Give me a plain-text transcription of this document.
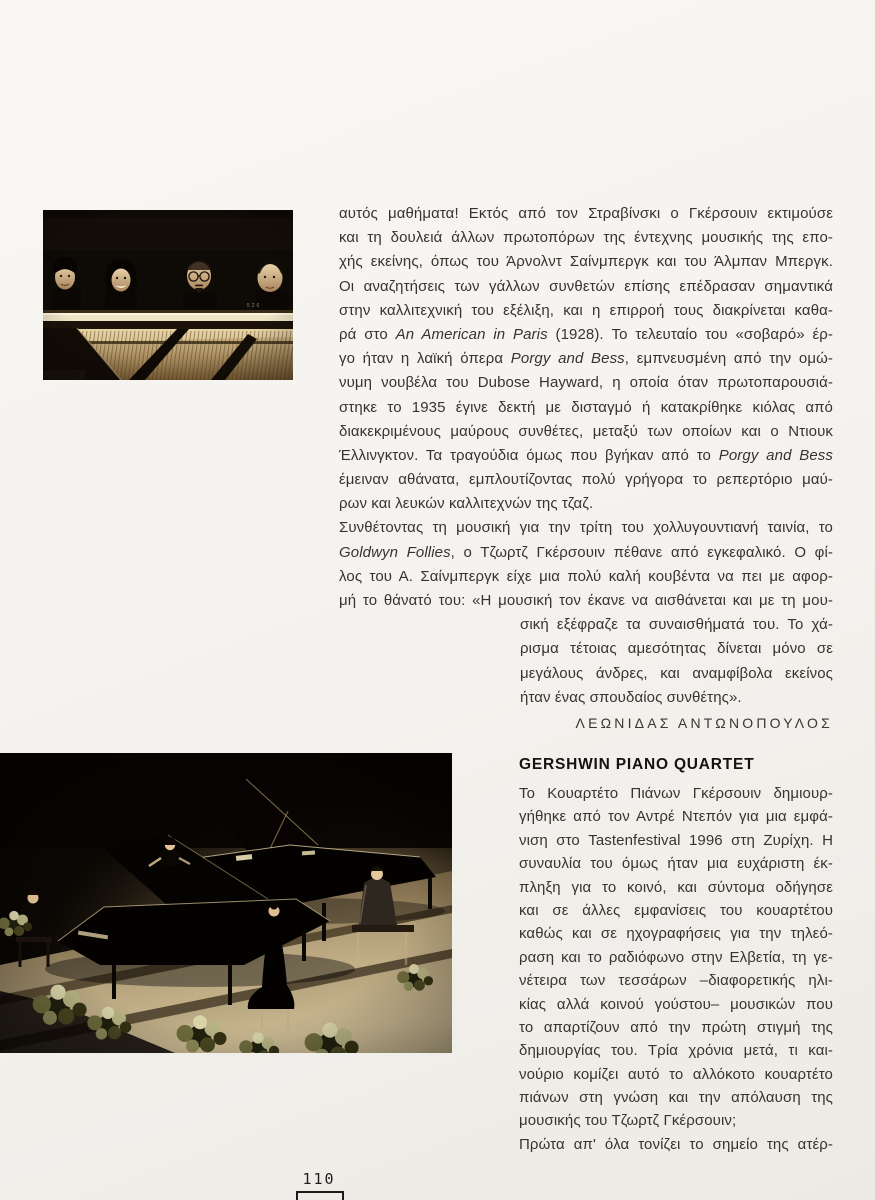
αυτός μαθήματα! Εκτός από τον Στραβίνσκι ο Γκέρσουιν εκτιμούσε
και τη δουλειά άλλων πρωτοπόρων της έντεχνης μουσικής της επο-
χής εκείνης, όπως του Άρνολντ Σαίνμπεργκ και του Άλμπαν Μπεργκ.
Οι αναζητήσεις των γάλλων συνθετών επίσης επέδρασαν σημαντικά
στην καλλιτεχνική του εξέλιξη, και η επιρροή τους διακρίνεται καθα-
ρά στο An American in Paris (1928). Το τελευταίο του «σοβαρό» έρ-
γο ήταν η λαϊκή όπερα Porgy and Bess, εμπνευσμένη από την ομώ-
νυμη νουβέλα του Dubose Hayward, η οποία όταν πρωτοπαρουσιά-
στηκε το 1935 έγινε δεκτή με δισταγμό ή κατακρίθηκε κιόλας από
διακεκριμένους μαύρους συνθέτες, μεταξύ των οποίων και ο Ντιουκ
Έλλινγκτον. Τα τραγούδια όμως που βγήκαν από το Porgy and Bess
έμειναν αθάνατα, εμπλουτίζοντας πολύ γρήγορα το ρεπερτόριο μαύ-
ρων και λευκών καλλιτεχνών της τζαζ.
Συνθέτοντας τη μουσική για την τρίτη του χολλυγουντιανή ταινία, το
Goldwyn Follies, ο Τζωρτζ Γκέρσουιν πέθανε από εγκεφαλικό. Ο φί-
λος του Α. Σαίνμπεργκ είχε μια πολύ καλή κουβέντα να πει με αφορ-
μή το θάνατό του: «Η μουσική τον έκανε να αισθάνεται και με τη μου-
σική εξέφραζε τα συναισθήματά του. Το χά-
ρισμα τέτοιας αμεσότητας δίνεται μόνο σε
μεγάλους άνδρες, και αναμφίβολα εκείνος
ήταν ένας σπουδαίος συνθέτης».
ΛΕΩΝΙΔΑΣ ΑΝΤΩΝΟΠΟΥΛΟΣ
GERSHWIN PIANO QUARTET
Το Κουαρτέτο Πιάνων Γκέρσουιν δημιουρ-
γήθηκε από τον Αντρέ Ντεπόν για μια εμφά-
νιση στο Tastenfestival 1996 στη Ζυρίχη. Η
συναυλία του όμως ήταν μια ευχάριστη έκ-
πληξη για το κοινό, και σύντομα οδήγησε
και σε άλλες εμφανίσεις του κουαρτέτου
καθώς και σε ηχογραφήσεις για την τηλεό-
ραση και το ραδιόφωνο στην Ελβετία, τη γε-
νέτειρα των τεσσάρων –διαφορετικής ηλι-
κίας αλλά κοινού γούστου– μουσικών που
το απαρτίζουν από την πρώτη στιγμή της
δημιουργίας του. Τρία χρόνια μετά, τι και-
νούριο κομίζει αυτό το αλλόκοτο κουαρτέτο
πιάνων στη γνώση και την απόλαυση της
μουσικής του Τζωρτζ Γκέρσουιν;
Πρώτα απ' όλα τονίζει το σημείο της ατέρ-
110
